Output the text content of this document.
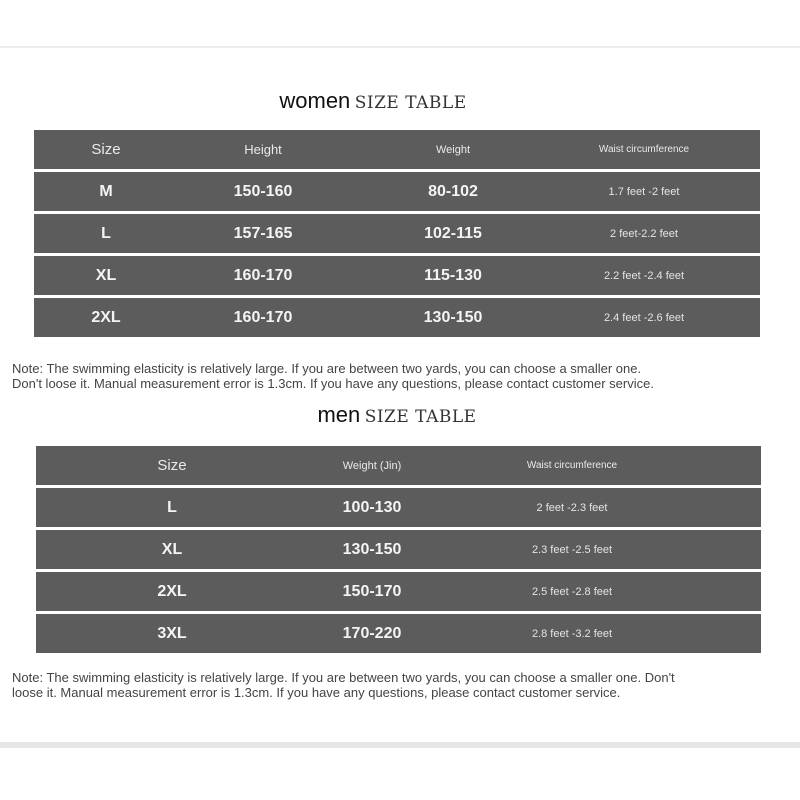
women SIZE TABLE
Size	Height	Weight	Waist circumference
M	150-160	80-102	1.7 feet -2 feet
L	157-165	102-115	2 feet-2.2 feet
XL	160-170	115-130	2.2 feet -2.4 feet
2XL	160-170	130-150	2.4 feet -2.6 feet
Note: The swimming elasticity is relatively large. If you are between two yards, you can choose a smaller one.
Don't loose it. Manual measurement error is 1.3cm. If you have any questions, please contact customer service.
men SIZE TABLE
Size	Weight (Jin)	Waist circumference
L	100-130	2 feet -2.3 feet
XL	130-150	2.3 feet -2.5 feet
2XL	150-170	2.5 feet -2.8 feet
3XL	170-220	2.8 feet -3.2 feet
Note: The swimming elasticity is relatively large. If you are between two yards, you can choose a smaller one. Don't
loose it. Manual measurement error is 1.3cm. If you have any questions, please contact customer service.
